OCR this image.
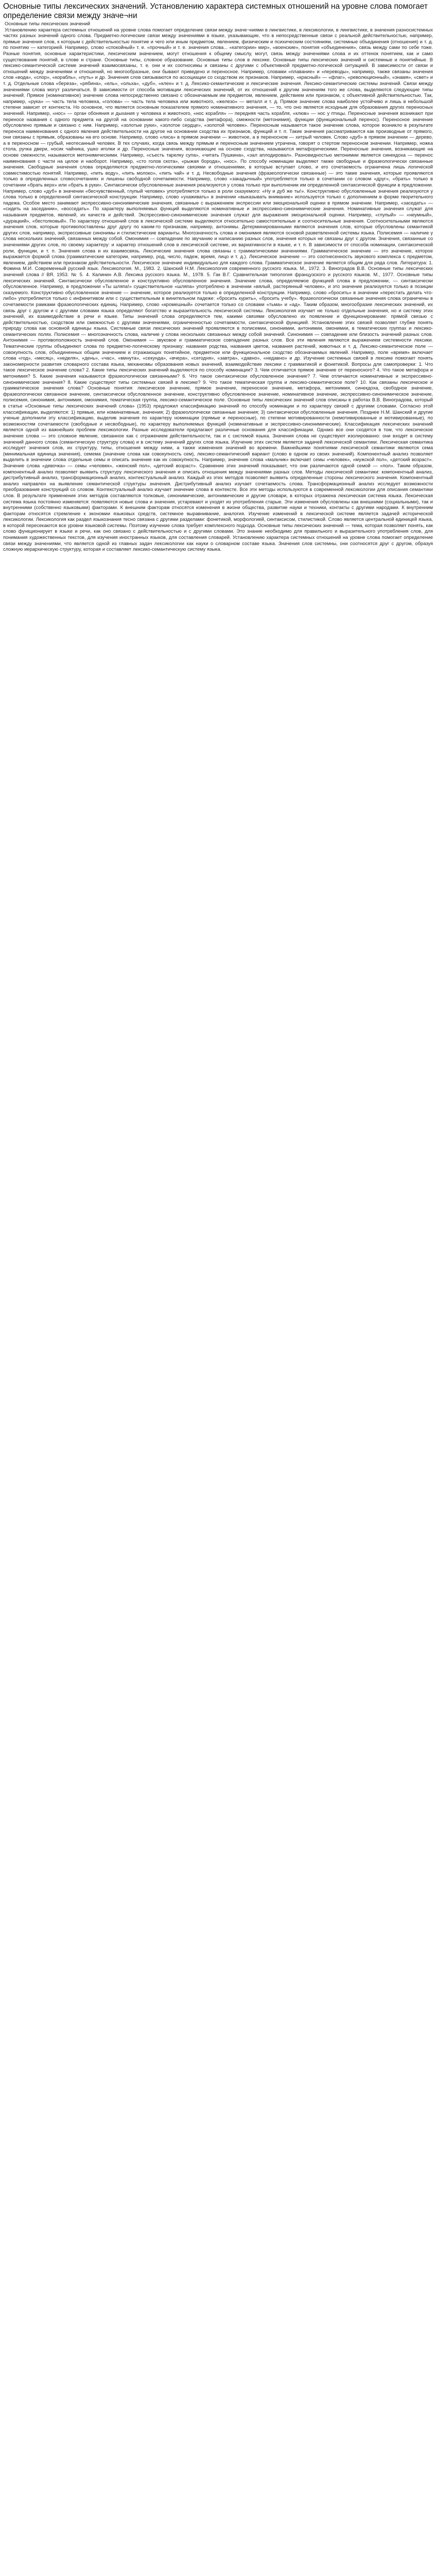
Основные типы лексических значений. Установлению характера системных отношений на уровне слова помогает определение связи между значе¬ни
Основные типы лексических значений

Установлению характера системных отношений на уровне слова помогает определение связи между значе¬ниями в лингвистике, в лексикологии, в лингвистике, в значения разносистемных частях разных значений одного слова. Предметно-логические связи между значениями в языке, указывающие, что в непосредственные связи с реальной действительностью, например, прямые значения слов, к которым с действительностью понятие и чего или иным предметом, явлением, физическим и психическим состояниям, системные объединения (отношения) и т. д. по понятию — категорией. Например, слово «спокойный» т. е. «прочный» и т. е. значения слова... «категории» мир», «военские», понятия «объединения», связь между сами по себе тоже. Разные понятия, основные характеристики, лексическим значением, могут отношения к общему смыслу, могут, связь между значениями слова и их оттенок понятием, как и само существование понятий, в слове и стране. Основные типы, словное образование. Основные типы слов в лексике. Основные типы лексических значений и системные и понятийные. В лексико-семантической системе значений взаимосвязаны, т. е. они и их соотносимы и связаны с другими с объективной предметно-логической ситуацией. В зависимости от связи и отношений между значениями и отношений, но многообразные, они бывают приведено и переносное. Например, словами «плавание» и «переводы», например, также связаны значения слов «вода», «спор», «корабль», «путь» и др. Значения слов связываются по ассоциации со сходством их признаков. Например, «красный» — «флаг», «революционный», «знамя», «свет» и т. д. Отдельные слова «береза», «рябина», «ель», «ольха», «дуб», «клен» и т. д. Лексико-семантические и лексические значения. Лексико-семантические системы значений. Связи между значениями слова могут различаться. В зависимости от способа мотивации лексических значений, от их отношений к другим значениям того же слова, выделяются следующие типы значений. Прямое (номинативное) значение слова непосредственно связано с обозначаемым им предметом, явлением, действием или признаком, с объективной действительностью. Так, например, «рука» — часть тела человека, «голова» — часть тела человека или животного, «железо» — металл и т. д. Прямое значение слова наиболее устойчиво и лишь в небольшой степени зависит от контекста. Но основное, что является основным показателем прямого номинативного значения, — то, что оно является исходным для образования других переносных значений. Например, «нос» — орган обоняния и дыхания у человека и животного, «нос корабля» — передняя часть корабля, «клюв» — нос у птицы. Переносные значения возникают при переносе названия с одного предмета на другой на основании какого-либо сходства (метафора), смежности (метонимия), функции (функциональный перенос). Переносное значение обусловлено прямым и связано с ним. Например, «золотые руки», «золотое сердце», «золотой человек». Переносным называется такое значение слова, которое возникло в результате переноса наименования с одного явления действительности на другое на основании сходства их признаков, функций и т. п. Такие значения рассматриваются как производные от прямого, они связаны с прямым, образованы на его основе. Например, слово «лиса» в прямом значении — животное, а в переносном — хитрый человек. Слово «дуб» в прямом значении — дерево, а в переносном — грубый, неотесанный человек. В тех случаях, когда связь между прямым и переносным значением утрачена, говорят о стертом переносном значении. Например, ножка стола, ручка двери, носик чайника, ушко иголки и др. Переносные значения, возникающие на основе сходства, называются метафорическими. Переносные значения, возникающие на основе смежности, называются метонимическими. Например, «съесть тарелку супа», «читать Пушкина», «зал аплодировал». Разновидностью метонимии является синекдоха — перенос наименования с части на целое и наоборот. Например, «сто голов скота», «рыжая борода», «нос». По способу номинации выделяют также свободные и фразеологически связанные значения. Свободные значения слова определяются предметно-логическими связями и отношениями, в которые вступает слово, и его сочетаемость ограничена лишь логической совместимостью понятий. Например, «пить воду», «пить молоко», «пить чай» и т. д. Несвободные значения (фразеологически связанные) — это такие значения, которые проявляются только в определенных словосочетаниях и лишены свободной сочетаемости. Например, слово «закадычный» употребляется только в сочетании со словом «друг», «брать» только в сочетании «брать верх» или «брать в руки». Синтаксически обусловленные значения реализуются у слова только при выполнении им определенной синтаксической функции в предложении. Например, слово «дуб» в значении «бесчувственный, глупый человек» употребляется только в роли сказуемого: «Ну и дуб же ты!». Конструктивно обусловленные значения реализуются у слова только в определенной синтаксической конструкции. Например, слово «ухаживать» в значении «выказывать внимание» используется только с дополнением в форме творительного падежа. Особое место занимают экспрессивно-синонимические значения, связанные с выражением экспрессии или эмоциональной оценки в прямом значении. Например, «заседать» — «сидеть на заседании», «восседать». По характеру выполняемых функций выделяются номинативные и экспрессивно-синонимические значения. Номинативные значения служат для называния предметов, явлений, их качеств и действий. Экспрессивно-синонимические значения служат для выражения эмоциональной оценки. Например, «глупый» — «неумный», «дурацкий», «бестолковый». По характеру отношений слов в лексической системе выделяются относительно самостоятельные и соотносительные значения. Соотносительными являются значения слов, которые противопоставлены друг другу по каким-то признакам, например, антонимы. Детерминированными являются значения слов, которые обусловлены семантикой других слов, например, экспрессивные синонимы и стилистические варианты. Многозначность слова и омонимия являются основой разветвленной системы языка. Полисемия — наличие у слова нескольких значений, связанных между собой. Омонимия — совпадение по звучанию и написанию разных слов, значения которых не связаны друг с другом. Значения, связанные со значениями других слов, по своему характеру: и характер отношений слов в лексической системе, их вариативности в языке, и т. п. В зависимости от способа номинации, синтаксической роли, функции, и т. п. Значения слова и их взаимосвязь. Лексические значения слова связаны с грамматическими значениями. Грамматическое значение — это значение, которое выражается формой слова (грамматические категории, например, род, число, падеж, время, лицо и т. д.). Лексическое значение — это соотнесенность звукового комплекса с предметом, явлением, действием или признаком действительности. Лексическое значение индивидуально для каждого слова. Грамматическое значение является общим для ряда слов. Литература: 1. Фомина М.И. Современный русский язык. Лексикология. М., 1983. 2. Шанский Н.М. Лексикология современного русского языка. М., 1972. 3. Виноградов В.В. Основные типы лексических значений слова // ВЯ. 1953. № 5. 4. Калинин А.В. Лексика русского языка. М., 1978. 5. Гак В.Г. Сравнительная типология французского и русского языков. М., 1977. Основные типы лексических значений. Синтаксически обусловленное и конструктивно обусловленное значения. Значение слова, определяемое функцией слова в предложении, — синтаксически обусловленное. Например, в предложении «Ты шляпа!» существительное «шляпа» употреблено в значении «вялый, растерянный человек», и это значение реализуется только в позиции сказуемого. Конструктивно обусловленное значение — значение, которое реализуется только в определенной конструкции. Например, слово «бросить» в значении «перестать делать что-либо» употребляется только с инфинитивом или с существительным в винительном падеже: «бросить курить», «бросить учебу». Фразеологически связанные значения слова ограничены в сочетаемости рамками фразеологических единиц. Например, слово «кромешный» сочетается только со словами «тьма» и «ад». Таким образом, многообразие лексических значений, их связь друг с другом и с другими словами языка определяют богатство и выразительность лексической системы. Лексикология изучает не только отдельные значения, но и систему этих значений, их взаимодействие в речи и языке. Типы значений слова определяются тем, какими связями обусловлено их появление и функционирование: прямой связью с действительностью, сходством или смежностью с другими значениями, ограниченностью сочетаемости, синтаксической функцией. Установление этих связей позволяет глубже понять природу слова как основной единицы языка. Системные связи лексических значений проявляются в полисемии, синонимии, антонимии, омонимии, в тематических группах и лексико-семантических полях. Полисемия — многозначность слова, наличие у слова нескольких связанных между собой значений. Синонимия — совпадение или близость значений разных слов. Антонимия — противоположность значений слов. Омонимия — звуковое и грамматическое совпадение разных слов. Все эти явления являются выражением системности лексики. Тематические группы объединяют слова по предметно-логическому признаку: названия родства, названия цветов, названия растений, животных и т. д. Лексико-семантическое поле — совокупность слов, объединенных общим значением и отражающих понятийное, предметное или функциональное сходство обозначаемых явлений. Например, поле «время» включает слова «год», «месяц», «неделя», «день», «час», «минута», «секунда», «вчера», «сегодня», «завтра», «давно», «недавно» и др. Изучение системных связей в лексике помогает понять закономерности развития словарного состава языка, механизмы образования новых значений, взаимодействие лексики с грамматикой и фонетикой. Вопросы для самопроверки: 1. Что такое лексическое значение слова? 2. Какие типы лексических значений выделяются по способу номинации? 3. Чем отличается прямое значение от переносного? 4. Что такое метафора и метонимия? 5. Какие значения называются фразеологически связанными? 6. Что такое синтаксически обусловленное значение? 7. Чем отличаются номинативные и экспрессивно-синонимические значения? 8. Какие существуют типы системных связей в лексике? 9. Что такое тематическая группа и лексико-семантическое поле? 10. Как связаны лексическое и грамматическое значения слова? Основные понятия: лексическое значение, прямое значение, переносное значение, метафора, метонимия, синекдоха, свободное значение, фразеологически связанное значение, синтаксически обусловленное значение, конструктивно обусловленное значение, номинативное значение, экспрессивно-синонимическое значение, полисемия, синонимия, антонимия, омонимия, тематическая группа, лексико-семантическое поле. Основные типы лексических значений слов описаны в работах В.В. Виноградова, который в статье «Основные типы лексических значений слова» (1953) предложил классификацию значений по способу номинации и по характеру связей с другими словами. Согласно этой классификации, выделяются: 1) прямые, или номинативные, значения; 2) фразеологически связанные значения; 3) синтаксически обусловленные значения. Позднее Н.М. Шанский и другие ученые дополнили эту классификацию, выделив значения по характеру номинации (прямые и переносные), по степени мотивированности (немотивированные и мотивированные), по возможностям сочетаемости (свободные и несвободные), по характеру выполняемых функций (номинативные и экспрессивно-синонимические). Классификация лексических значений является одной из важнейших проблем лексикологии. Разные исследователи предлагают различные основания для классификации. Однако все они сходятся в том, что лексическое значение слова — это сложное явление, связанное как с отражением действительности, так и с системой языка. Значения слова не существуют изолированно: они входят в систему значений данного слова (семантическую структуру слова) и в систему значений других слов языка. Изучение этих систем является задачей лексической семантики. Лексическая семантика исследует значения слов, их структуру, типы, отношения между ними, а также изменения значений во времени. Важнейшими понятиями лексической семантики являются сема (минимальная единица значения), семема (значение слова как совокупность сем), лексико-семантический вариант (слово в одном из своих значений). Компонентный анализ позволяет выделить в значении слова отдельные семы и описать значение как их совокупность. Например, значение слова «мальчик» включает семы «человек», «мужской пол», «детский возраст». Значение слова «девочка» — семы «человек», «женский пол», «детский возраст». Сравнение этих значений показывает, что они различаются одной семой — «пол». Таким образом, компонентный анализ позволяет выявить структуру лексического значения и описать отношения между значениями разных слов. Методы лексической семантики: компонентный анализ, дистрибутивный анализ, трансформационный анализ, контекстуальный анализ. Каждый из этих методов позволяет выявить определенные стороны лексического значения. Компонентный анализ направлен на выявление семантической структуры значения. Дистрибутивный анализ изучает сочетаемость слова. Трансформационный анализ исследует возможности преобразования конструкций со словом. Контекстуальный анализ изучает значение слова в контексте. Все эти методы используются в современной лексикологии для описания семантики слов. В результате применения этих методов составляются толковые, синонимические, антонимические и другие словари, в которых отражена лексическая система языка. Лексическая система языка постоянно изменяется: появляются новые слова и значения, устаревают и уходят из употребления старые. Эти изменения обусловлены как внешними (социальными), так и внутренними (собственно языковыми) факторами. К внешним факторам относятся изменения в жизни общества, развитие науки и техники, контакты с другими народами. К внутренним факторам относятся стремление к экономии языковых средств, системное выравнивание, аналогия. Изучение изменений в лексической системе является задачей исторической лексикологии. Лексикология как раздел языкознания тесно связана с другими разделами: фонетикой, морфологией, синтаксисом, стилистикой. Слово является центральной единицей языка, в которой пересекаются все уровни языковой системы. Поэтому изучение слова требует комплексного подхода. Основные типы лексических значений — тема, которая позволяет понять, как слово функционирует в языке и речи, как оно связано с действительностью и с другими словами. Это знание необходимо для правильного и выразительного употребления слов, для понимания художественных текстов, для изучения иностранных языков, для составления словарей. Установлению характера системных отношений на уровне слова помогает определение связи между значениями, что является одной из главных задач лексикологии как науки о словарном составе языка. Значения слов системны, они соотносятся друг с другом, образуя сложную иерархическую структуру, которая и составляет лексико-семантическую систему языка.
